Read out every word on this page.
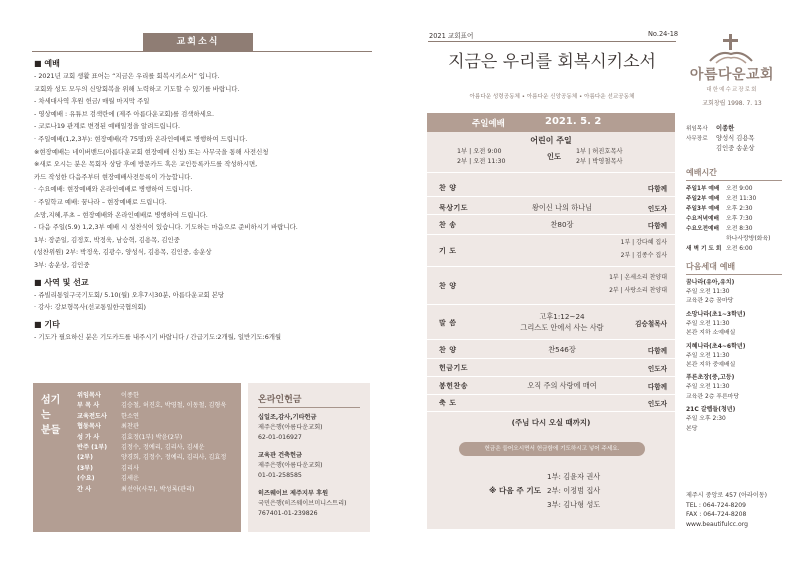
교회소식
■ 예배
- 2021년 교회 생활 표어는 “지금은 우리를 회복시키소서” 입니다.
교회와 성도 모두의 신앙회복을 위해 노력하고 기도할 수 있기를 바랍니다.
- 차세대사역 후원 헌금/ 매월 마지막 주일
- 영상예배 : 유튜브 검색란에 (제주 아름다운교회)를 검색하세요.
- 코로나19 관계로 변경된 예배일정을 알려드립니다.
· 주일예배(1,2,3부): 현장예배(각 75명)와 온라인예배로 병행하여 드립니다.
※현장예배는 네이버밴드(아름다운교회 현장예배 신청) 또는 사무국을 통해 사전신청
※새로 오시는 분은 목회자 상담 후에 방문카드 혹은 교인등록카드를 작성하시면,
카드 작성한 다음주부터 현장예배사전등록이 가능합니다.
· 수요예배: 현장예배와 온라인예배로 병행하여 드립니다.
· 주일학교 예배: 꿈나라 – 현장예배로 드립니다.
소망,지혜,푸초 – 현장예배와 온라인예배로 병행하여 드립니다.
- 다음 주일(5.9) 1,2,3부 예배 시 성찬식이 있습니다. 기도하는 마음으로 준비하시기 바랍니다.
1부: 장준일, 김정호, 박정욱, 남승혁, 김용목, 김인중
(성찬위원) 2부: 박정욱, 김광수, 양성식, 김용목, 김인중, 송운상
3부: 송운상, 김인중
■ 사역 및 선교
- 쥬빌리통일구국기도회/ 5.10(월) 오후7시30분, 아름다운교회 본당
· 강사: 강보형목사(선교통일한국협의회)
■ 기타
- 기도가 필요하신 분은 기도카드를 내주시기 바랍니다 / 간급기도:2개월, 일반기도:6개월
섬기는
분들
위임목사	이종한
부 목 사	김승철, 허진호, 박영철, 이동철, 김형욱
교육전도사	한소연
협동목사	최찬관
성 가 사	김효정(1부) 박윤(2부)
반주 (1부)	김정수, 정예리, 김리사, 김세운
(2부)	양경희, 김정수, 정예리, 김리사, 김효정
(3부)	김리사
(수요)	김세운
간 사	최선아(사무), 박성록(관리)
온라인헌금
십일조,감사,기타헌금
제주은행(아름다운교회)
62-01-016927
교육관 건축헌금
제주은행(아름다운교회)
01-01-258585
히즈웨이브 제주지부 후원
국민은행(히즈웨이브미니스트리)
767401-01-239826
2021 교회표어	No.24-18
지금은 우리를 회복시키소서
아름다운 성령공동체 • 아름다운 신앙공동체 • 아름다운 선교공동체
아름다운교회
대한예수교장로회
교회창립 1998. 7. 13
주일예배	2021. 5. 2
어린이 주일
1부 | 오전 9:00
2부 | 오전 11:30
인도
1부 | 허진호목사
2부 | 박영철목사
찬 양	다함께
묵상기도	왕이신 나의 하나님	인도자
찬 송	찬80장	다함께
기 도
1부 | 강다혜 집사
2부 | 김종수 집사
찬 양
1부 | 온세소리 찬양대
2부 | 사랑소리 찬양대
말 씀
고후1:12~24
그리스도 안에서 사는 사람	김승철목사
찬 양	찬546장	다함께
헌금기도	인도자
봉헌찬송	오직 주의 사랑에 매여	다함께
축 도	인도자
(주님 다시 오실 때까지)
헌금은 들어오시면서 헌금함에 기도하시고 넣어 주세요.
※ 다음 주 기도
1부: 김윤자 권사
2부: 이정범 집사
3부: 김나형 성도
위임목사 이종한
사무장로 양성식 김용목
김인중 송운상
예배시간
주일1부 예배	오전 9:00
주일2부 예배	오전 11:30
주일3부 예배	오후 2:30
수요저녁예배	오후 7:30
수요오전예배	오전 8:30
하나사랑방(화육)
새 벽 기 도 회 오전 6:00
다음세대 예배
꿈나라(유아,유치)
주일 오전 11:30
교육관 2층 꿈마당
소망나라(초1~3학년)
주일 오전 11:30
본관 지하 소예배실
지혜나라(초4~6학년)
주일 오전 11:30
본관 지하 중예배실
푸른초장(중,고등)
주일 오전 11:30
교육관 2층 푸른마당
21C 갈렙들(청년)
주일 오후 2:30
본당
제주시 중앙로 457 (아라이동)
TEL : 064-724-8209
FAX : 064-724-8208
www.beautifulcc.org
